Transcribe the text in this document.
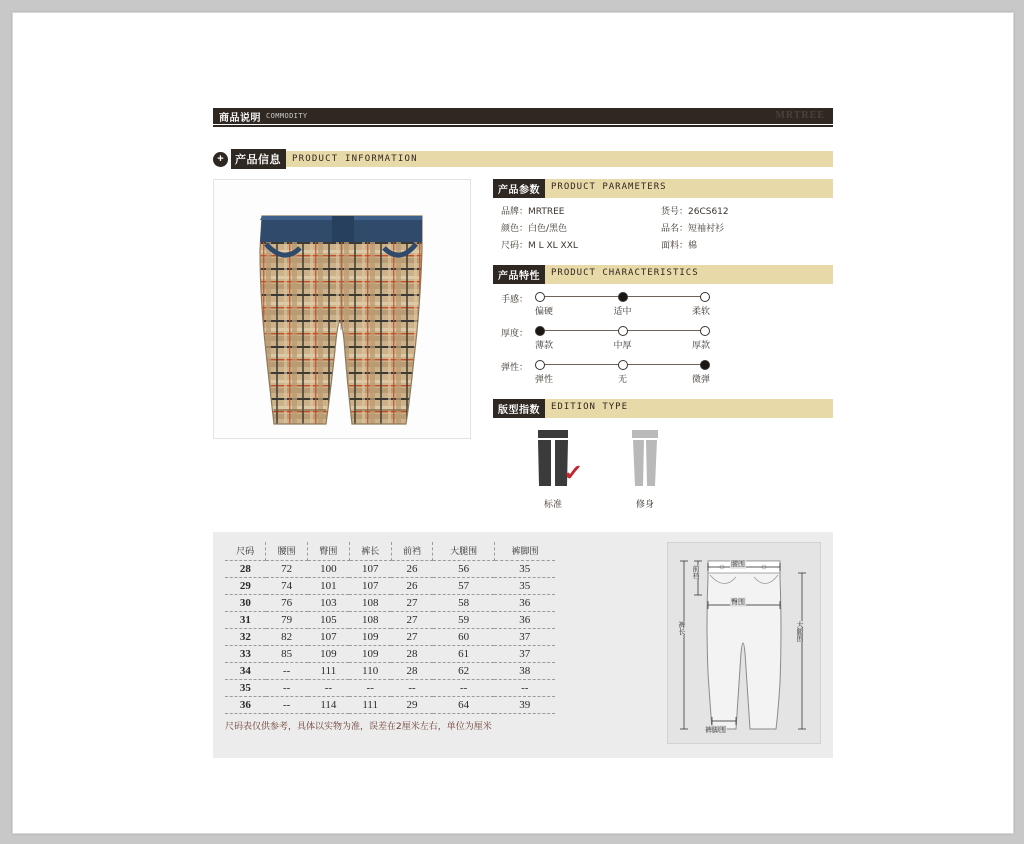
商品说明 COMMODITY	MRTREE
+	产品信息	PRODUCT INFORMATION
产品参数	PRODUCT PARAMETERS
品牌：MRTREE	货号：26CS612
颜色：白色/黑色	品名：短袖衬衫
尺码：M L XL XXL	面料：棉
产品特性	PRODUCT CHARACTERISTICS
手感：
偏硬	适中	柔软
厚度：
薄款	中厚	厚款
弹性：
弹性	无	微弹
版型指数	EDITION TYPE
✓
标准	修身
尺码	腰围	臀围	裤长	前裆	大腿围	裤脚围
28	72	100	107	26	56	35
29	74	101	107	26	57	35
30	76	103	108	27	58	36
31	79	105	108	27	59	36
32	82	107	109	27	60	37
33	85	109	109	28	61	37
34	--	111	110	28	62	38
35	--	--	--	--	--	--
36	--	114	111	29	64	39
尺码表仅供参考，具体以实物为准，误差在2厘米左右，单位为厘米
腰围
臀围
前裆
裤长	大腿围
裤脚围
